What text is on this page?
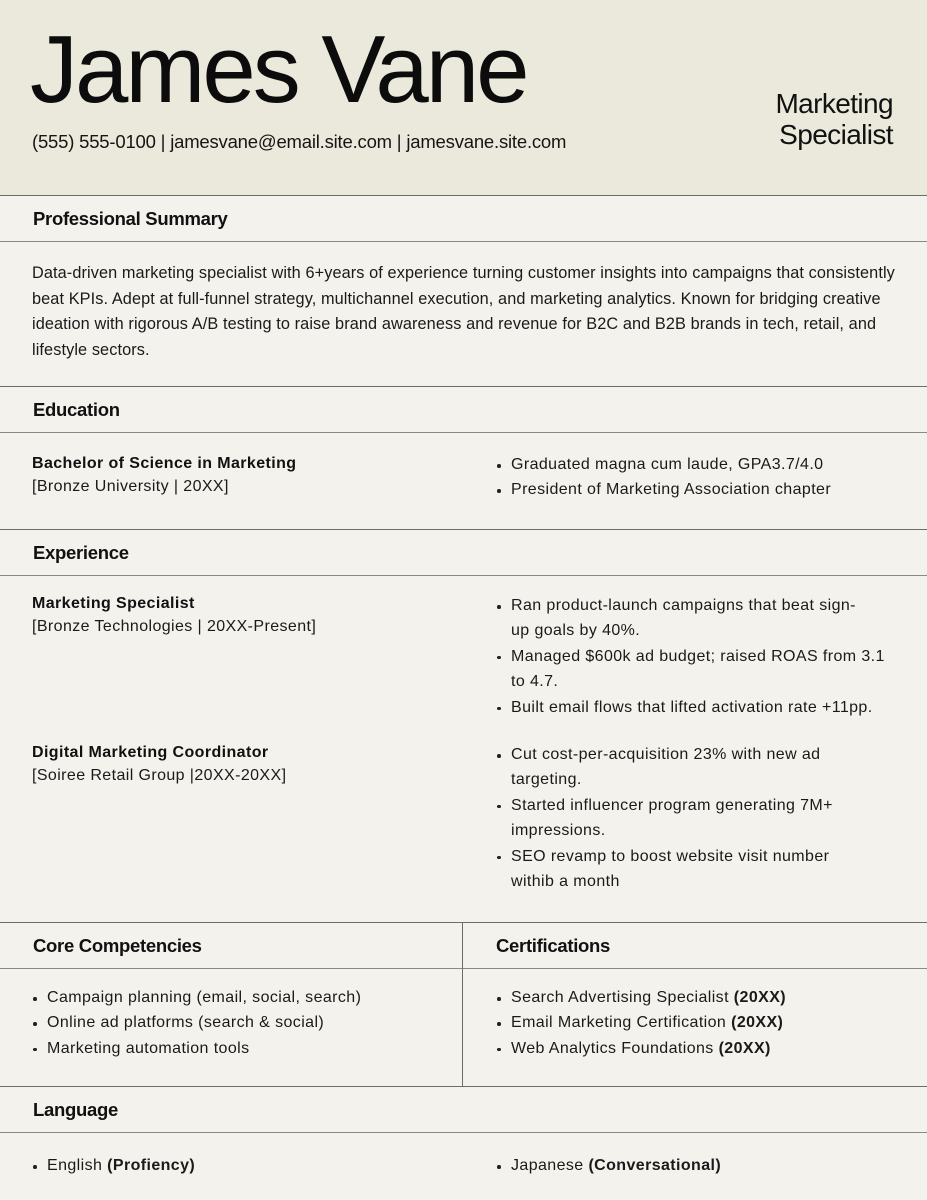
James Vane
(555) 555-0100 | jamesvane@email.site.com | jamesvane.site.com
Marketing
Specialist
Professional Summary
Data-driven marketing specialist with 6+years of experience turning customer insights into campaigns that consistently beat KPIs. Adept at full-funnel strategy, multichannel execution, and marketing analytics. Known for bridging creative ideation with rigorous A/B testing to raise brand awareness and revenue for B2C and B2B brands in tech, retail, and lifestyle sectors.
Education
Bachelor of Science in Marketing
[Bronze University | 20XX]
Graduated magna cum laude, GPA3.7/4.0
President of Marketing Association chapter
Experience
Marketing Specialist
[Bronze Technologies | 20XX-Present]
Ran product-launch campaigns that beat sign-up goals by 40%.
Managed $600k ad budget; raised ROAS from 3.1 to 4.7.
Built email flows that lifted activation rate +11pp.
Digital Marketing Coordinator
[Soiree Retail Group |20XX-20XX]
Cut cost-per-acquisition 23% with new ad targeting.
Started influencer program generating 7M+ impressions.
SEO revamp to boost website visit number withib a month
Core Competencies	Certifications
Campaign planning (email, social, search)
Online ad platforms (search & social)
Marketing automation tools
Search Advertising Specialist (20XX)
Email Marketing Certification (20XX)
Web Analytics Foundations (20XX)
Language
English (Profiency)	Japanese (Conversational)
